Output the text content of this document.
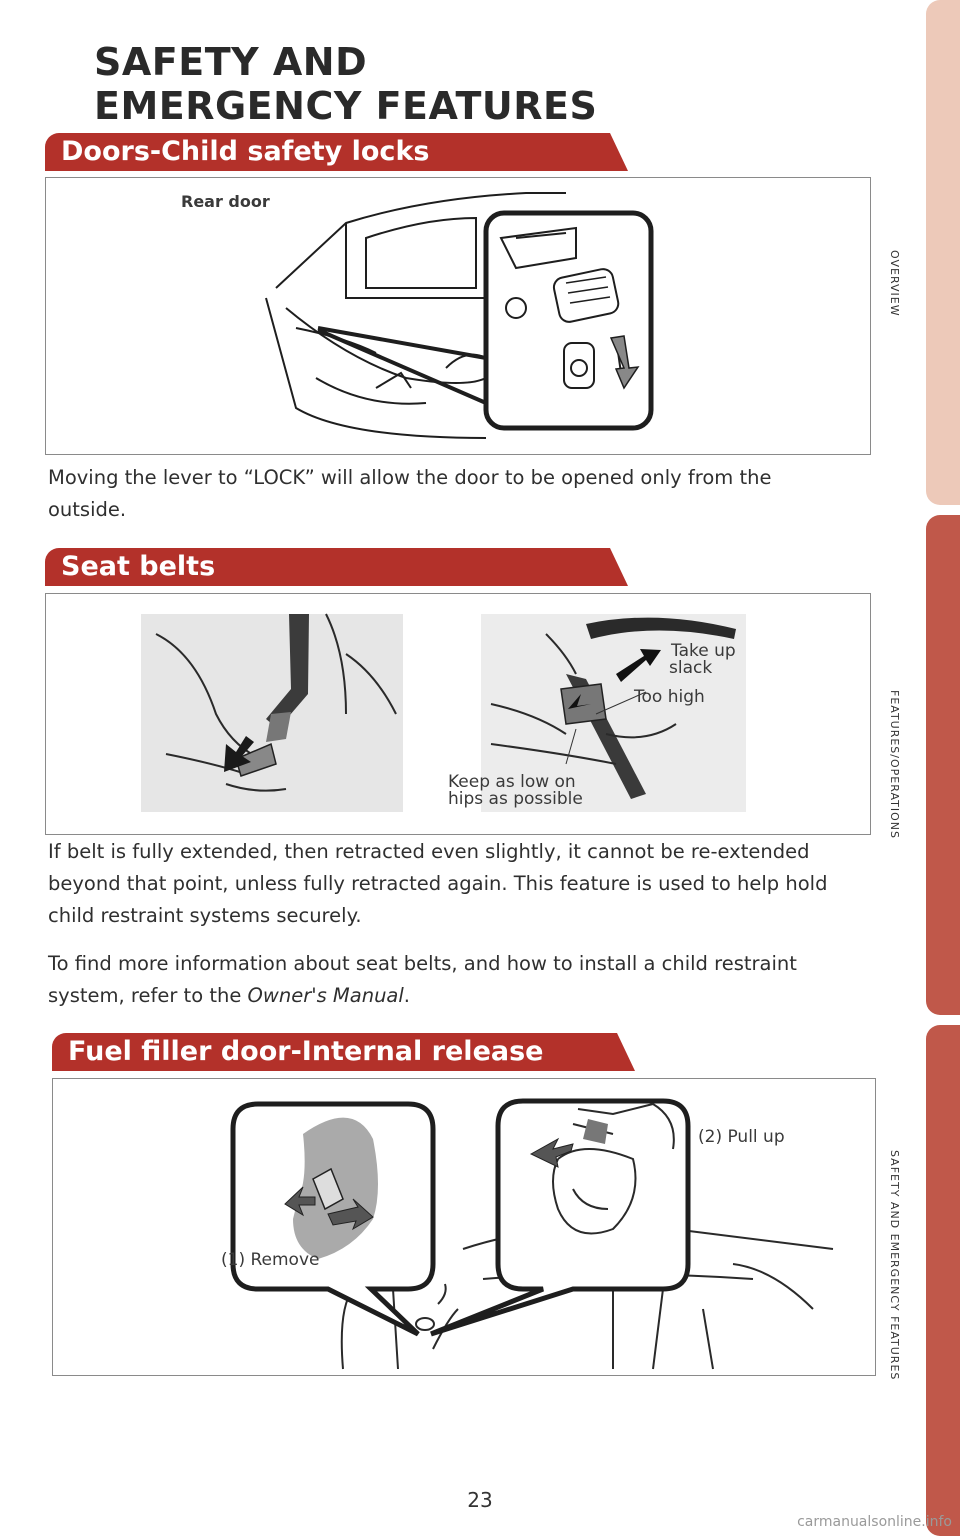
OVERVIEW
FEATURES/OPERATIONS
SAFETY AND EMERGENCY FEATURES
SAFETY AND
EMERGENCY FEATURES
Doors-Child safety locks
Rear door

Moving the lever to “LOCK” will allow the door to be opened only from the outside.

Seat belts
Take up
slack
Too high
Keep as low on
hips as possible

If belt is fully extended, then retracted even slightly, it cannot be re-extended beyond that point, unless fully retracted again. This feature is used to help hold child restraint systems securely.

To find more information about seat belts, and how to install a child restraint system, refer to the Owner's Manual.

Fuel filler door-Internal release
(1) Remove
(2) Pull up
23
carmanualsonline.info
